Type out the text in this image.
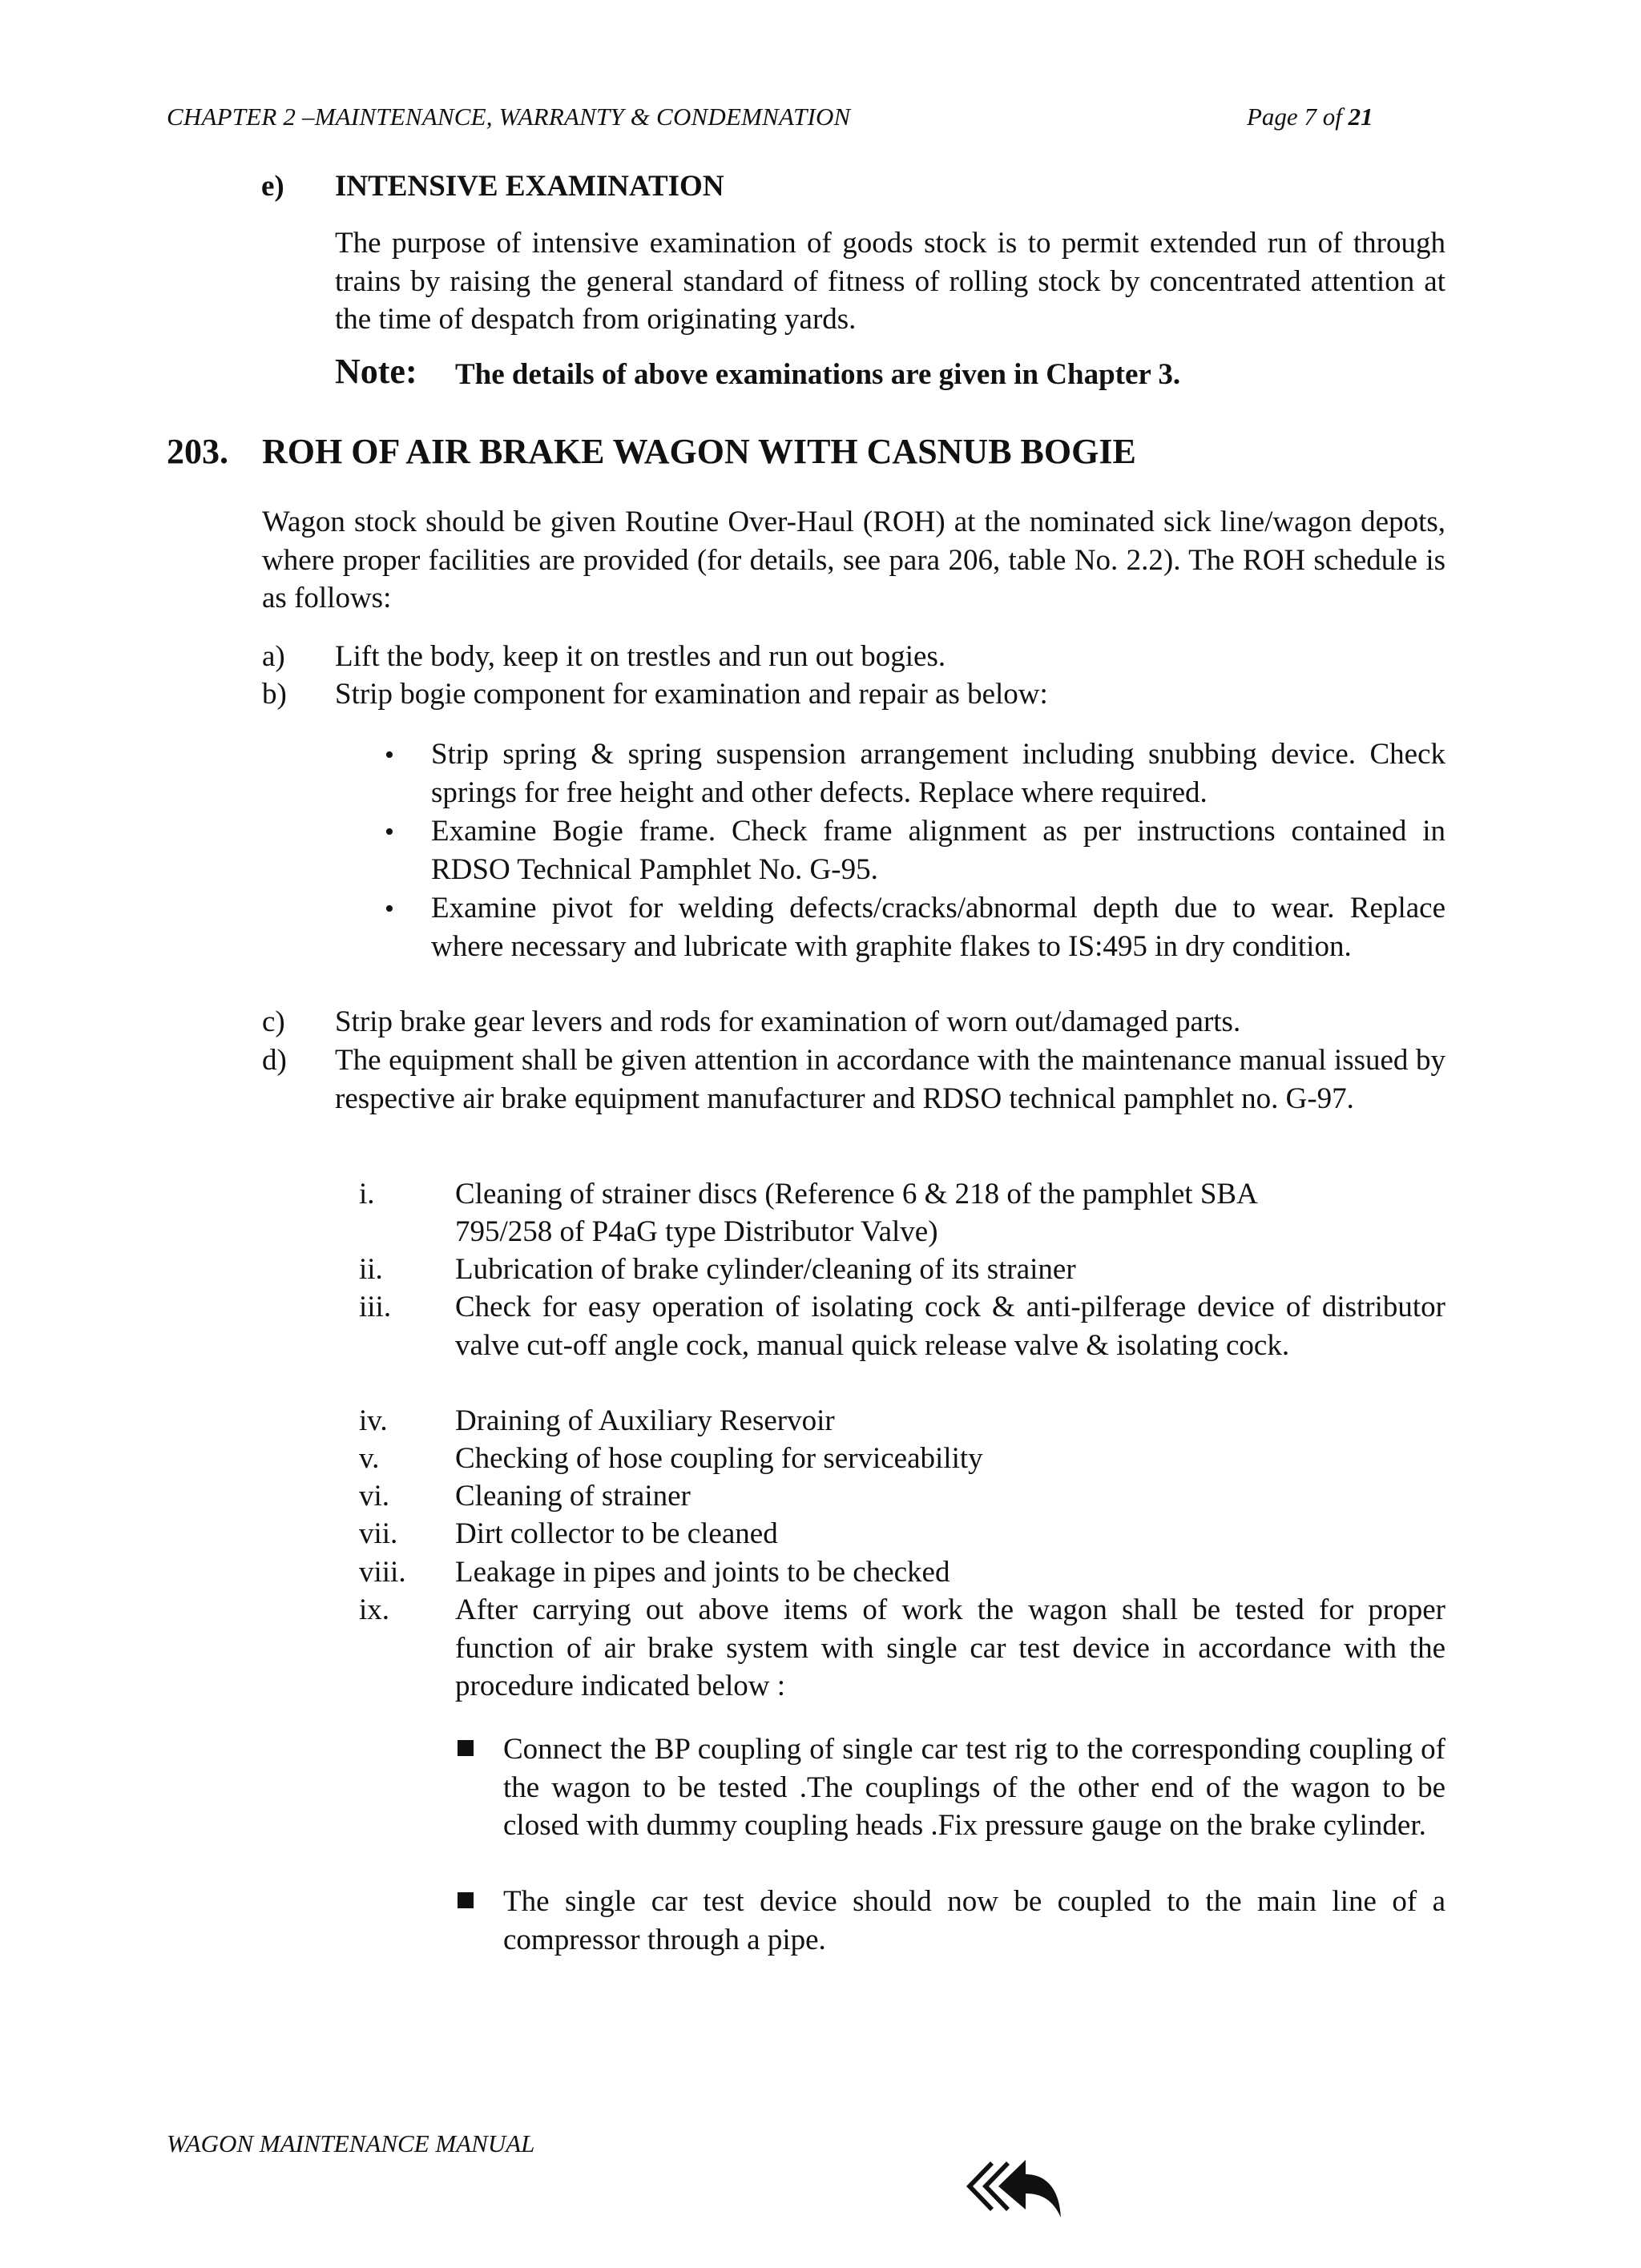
CHAPTER 2 –MAINTENANCE, WARRANTY & CONDEMNATION	Page 7 of 21
e) INTENSIVE EXAMINATION
The purpose of intensive examination of goods stock is to permit extended run of through trains by raising the general standard of fitness of rolling stock by concentrated attention at the time of despatch from originating yards.
Note: The details of above examinations are given in Chapter 3.
203. ROH OF AIR BRAKE WAGON WITH CASNUB BOGIE
Wagon stock should be given Routine Over-Haul (ROH) at the nominated sick line/wagon depots, where proper facilities are provided (for details, see para 206, table No. 2.2). The ROH schedule is as follows:
a) Lift the body, keep it on trestles and run out bogies.
b) Strip bogie component for examination and repair as below:
• Strip spring & spring suspension arrangement including snubbing device. Check springs for free height and other defects. Replace where required.
• Examine Bogie frame. Check frame alignment as per instructions contained in RDSO Technical Pamphlet No. G-95.
• Examine pivot for welding defects/cracks/abnormal depth due to wear. Replace where necessary and lubricate with graphite flakes to IS:495 in dry condition.
c) Strip brake gear levers and rods for examination of worn out/damaged parts.
d) The equipment shall be given attention in accordance with the maintenance manual issued by respective air brake equipment manufacturer and RDSO technical pamphlet no. G-97.
i.	Cleaning of strainer discs (Reference 6 & 218 of the pamphlet SBA
795/258 of P4aG type Distributor Valve)
ii. Lubrication of brake cylinder/cleaning of its strainer
iii. Check for easy operation of isolating cock & anti-pilferage device of distributor valve cut-off angle cock, manual quick release valve & isolating cock.
iv. Draining of Auxiliary Reservoir
v.	Checking of hose coupling for serviceability
vi. Cleaning of strainer
vii. Dirt collector to be cleaned
viii. Leakage in pipes and joints to be checked
ix. After carrying out above items of work the wagon shall be tested for proper function of air brake system with single car test device in accordance with the procedure indicated below :
Connect the BP coupling of single car test rig to the corresponding coupling of the wagon to be tested .The couplings of the other end of the wagon to be closed with dummy coupling heads .Fix pressure gauge on the brake cylinder.
The single car test device should now be coupled to the main line of a compressor through a pipe.
WAGON MAINTENANCE MANUAL
